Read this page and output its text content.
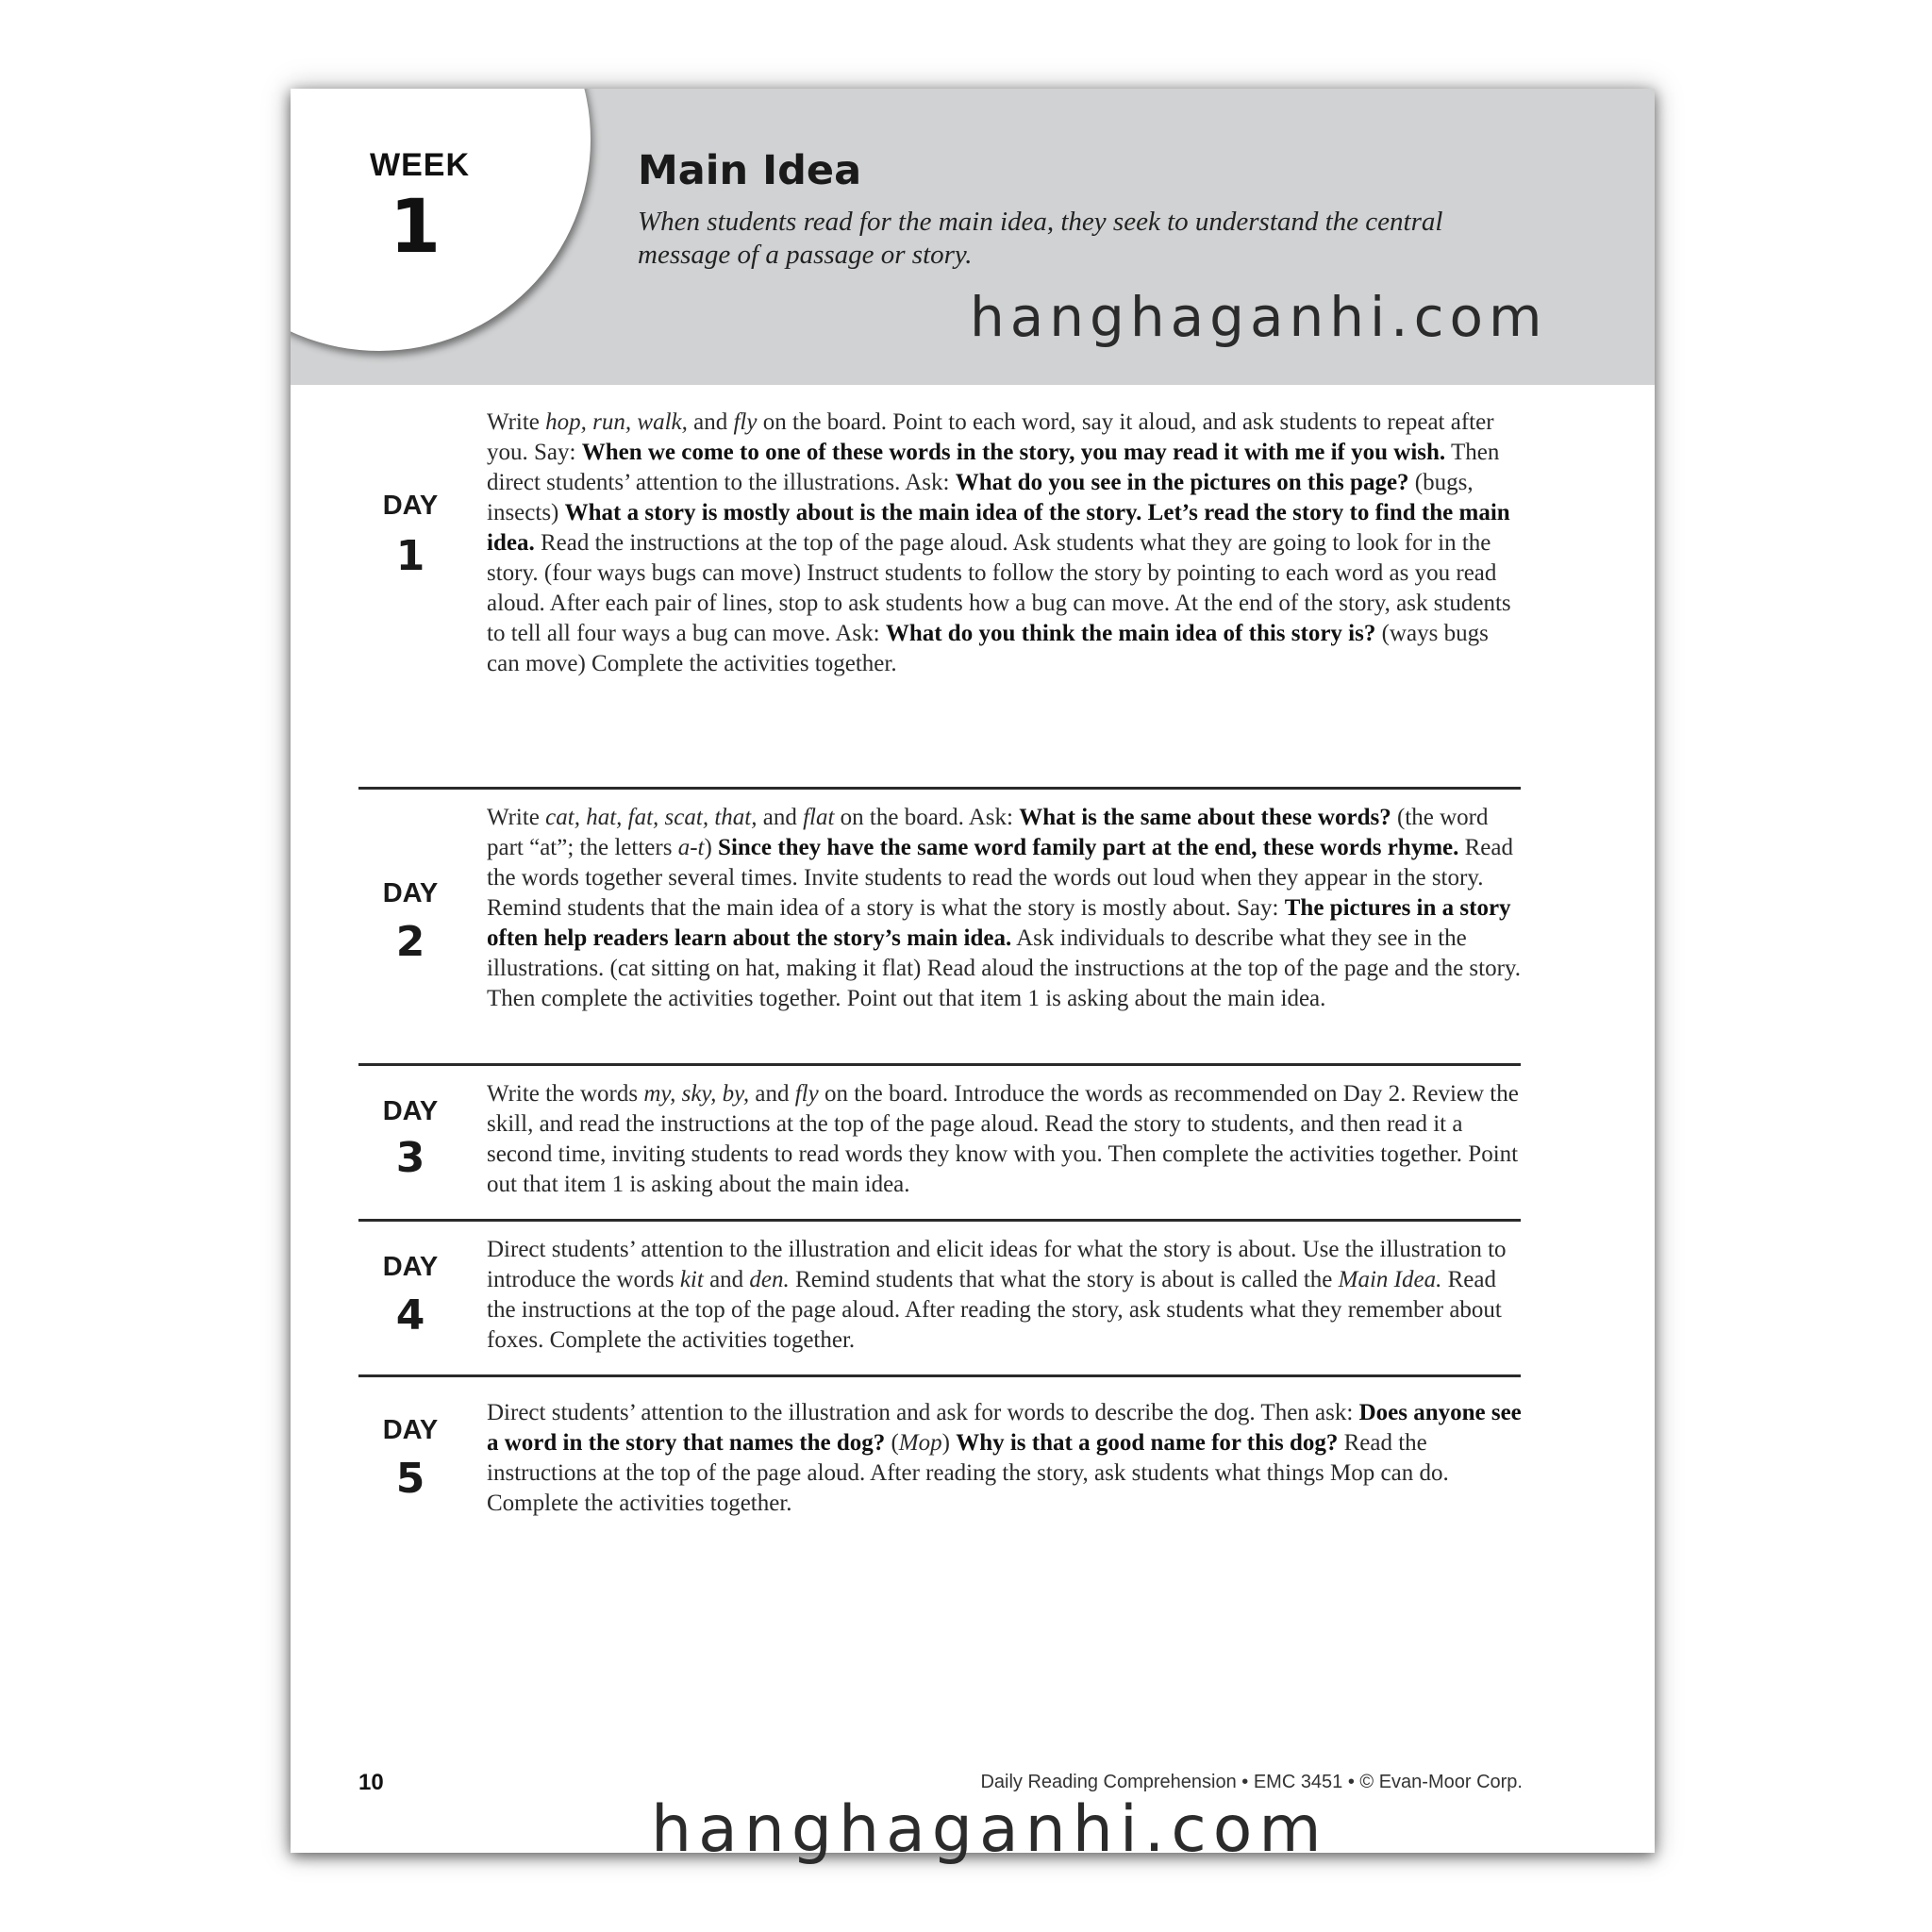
WEEK
1
Main Idea
When students read for the main idea, they seek to understand the central message of a passage or story.
hanghaganhi.com
DAY
1

Write hop, run, walk, and fly on the board. Point to each word, say it aloud, and ask students to repeat after you. Say: When we come to one of these words in the story, you may read it with me if you wish. Then direct students’ attention to the illustrations. Ask: What do you see in the pictures on this page? (bugs, insects) What a story is mostly about is the main idea of the story. Let’s read the story to find the main idea. Read the instructions at the top of the page aloud. Ask students what they are going to look for in the story. (four ways bugs can move) Instruct students to follow the story by pointing to each word as you read aloud. After each pair of lines, stop to ask students how a bug can move. At the end of the story, ask students to tell all four ways a bug can move. Ask: What do you think the main idea of this story is? (ways bugs can move) Complete the activities together.

DAY
2

Write cat, hat, fat, scat, that, and flat on the board. Ask: What is the same about these words? (the word part “at”; the letters a-t) Since they have the same word family part at the end, these words rhyme. Read the words together several times. Invite students to read the words out loud when they appear in the story. Remind students that the main idea of a story is what the story is mostly about. Say: The pictures in a story often help readers learn about the story’s main idea. Ask individuals to describe what they see in the illustrations. (cat sitting on hat, making it flat) Read aloud the instructions at the top of the page and the story. Then complete the activities together. Point out that item 1 is asking about the main idea.

DAY
3

Write the words my, sky, by, and fly on the board. Introduce the words as recommended on Day 2. Review the skill, and read the instructions at the top of the page aloud. Read the story to students, and then read it a second time, inviting students to read words they know with you. Then complete the activities together. Point out that item 1 is asking about the main idea.

DAY
4

Direct students’ attention to the illustration and elicit ideas for what the story is about. Use the illustration to introduce the words kit and den. Remind students that what the story is about is called the Main Idea. Read the instructions at the top of the page aloud. After reading the story, ask students what they remember about foxes. Complete the activities together.

DAY
5

Direct students’ attention to the illustration and ask for words to describe the dog. Then ask: Does anyone see a word in the story that names the dog? (Mop) Why is that a good name for this dog? Read the instructions at the top of the page aloud. After reading the story, ask students what things Mop can do. Complete the activities together.

10	Daily Reading Comprehension • EMC 3451 • © Evan-Moor Corp.
hanghaganhi.com
